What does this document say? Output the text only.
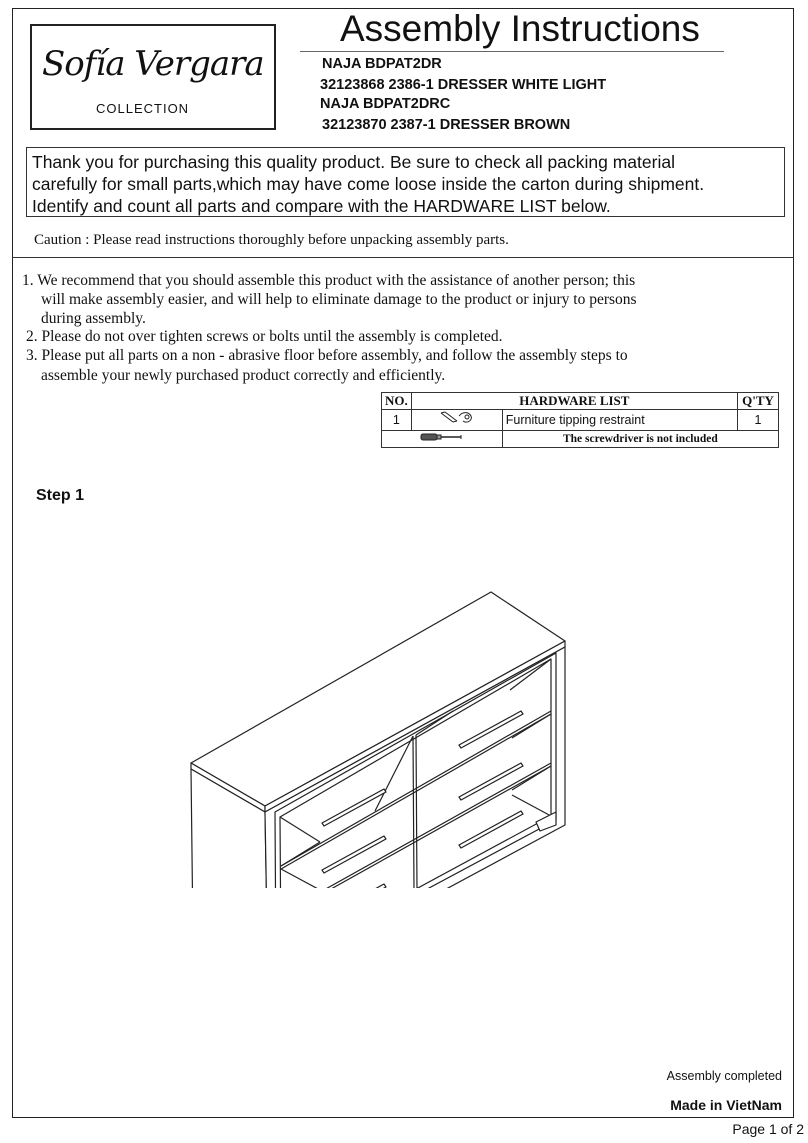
Sofía Vergara
COLLECTION
Assembly Instructions
NAJA BDPAT2DR
32123868 2386-1 DRESSER WHITE LIGHT
NAJA BDPAT2DRC
32123870 2387-1 DRESSER BROWN
Thank you for purchasing this quality product. Be sure to check all packing material
carefully for small parts,which may have come loose inside the carton during shipment.
Identify and count all parts and compare with the HARDWARE LIST below.
Caution : Please read instructions thoroughly before unpacking assembly parts.
1. We recommend that you should assemble this product with the assistance of another person; this
will make assembly easier, and will help to eliminate damage to the product or injury to persons
during assembly.
2. Please do not over tighten screws or bolts until the assembly is completed.
3. Please put all parts on a non - abrasive floor before assembly, and follow the assembly steps to
assemble your newly purchased product correctly and efficiently.
NO.	HARDWARE LIST		Q'TY
1		Furniture tipping restraint	1
	The screwdriver is not included	
Step 1
Assembly completed
Made in VietNam
Page 1 of 2
